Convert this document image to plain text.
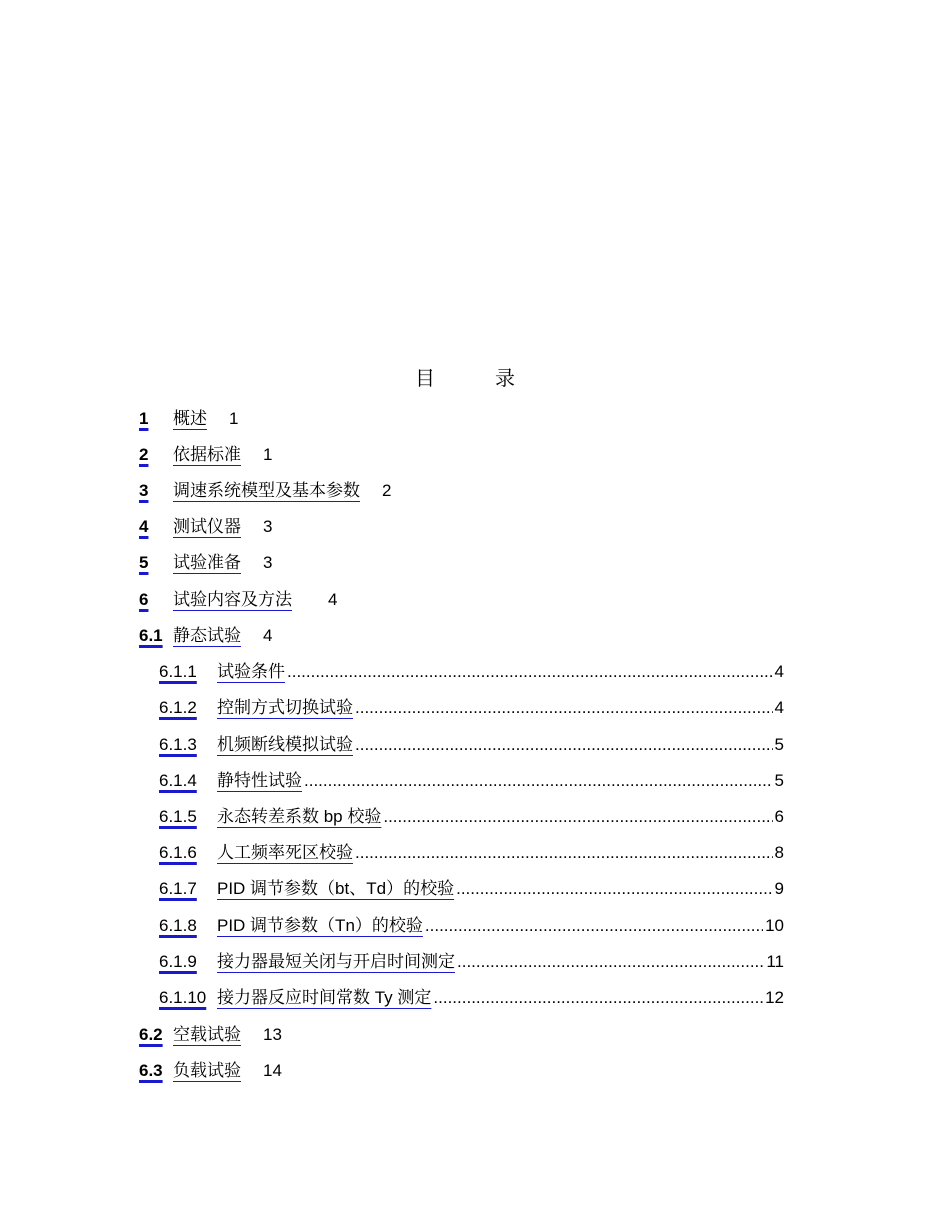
目　录
1 概述 1
2 依据标准 1
3 调速系统模型及基本参数 2
4 测试仪器 3
5 试验准备 3
6 试验内容及方法 4
6.1 静态试验 4
6.1.1	试验条件 .....	4
6.1.2	控制方式切换试验 .....	4
6.1.3	机频断线模拟试验 .....	5
6.1.4	静特性试验 .....	5
6.1.5	永态转差系数 bp 校验 .....	6
6.1.6	人工频率死区校验 .....	8
6.1.7	PID 调节参数（bt、Td）的校验 .....	9
6.1.8	PID 调节参数（Tn）的校验 .....	10
6.1.9	接力器最短关闭与开启时间测定 .....	11
6.1.10 接力器反应时间常数 Ty 测定 .....	12
6.2 空载试验 13
6.3 负载试验 14
